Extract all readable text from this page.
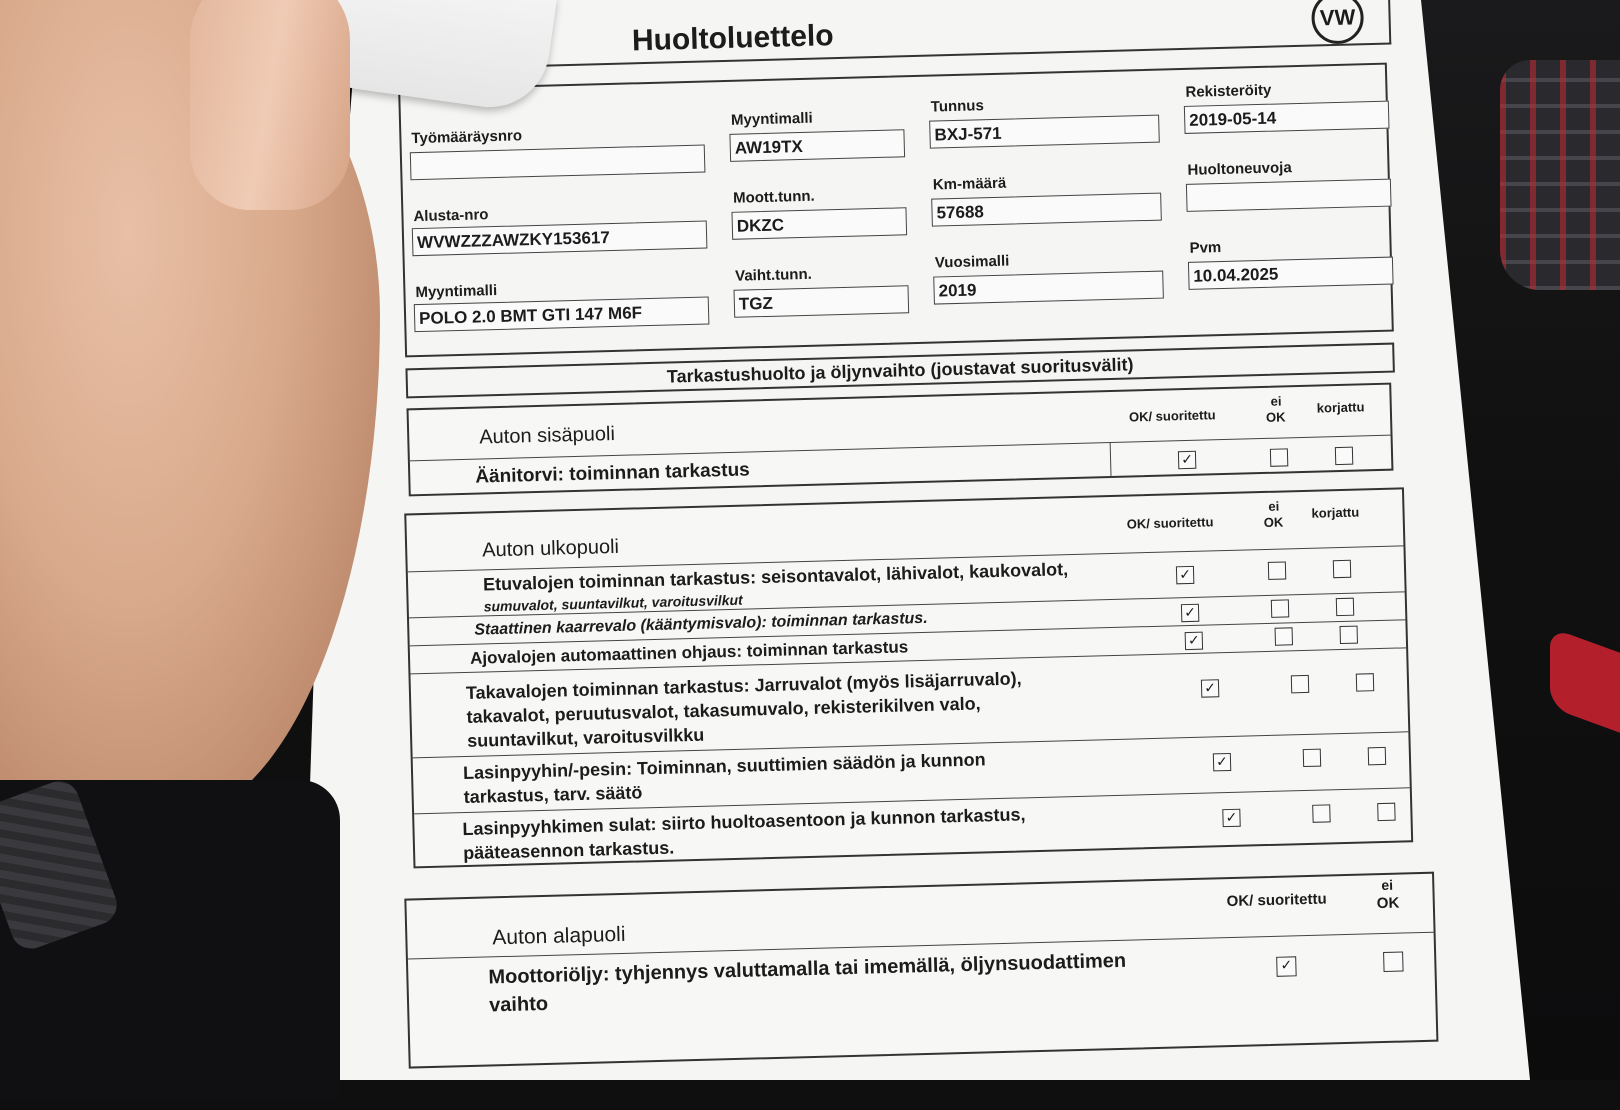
Huoltoluettelo
VW
Työmääräysnro
Alusta-nro
WVWZZZAWZKY153617
Myyntimalli
POLO 2.0 BMT GTI 147 M6F
Myyntimalli
AW19TX
Moott.tunn.
DKZC
Vaiht.tunn.
TGZ
Tunnus
BXJ-571
Km-määrä
57688
Vuosimalli
2019
Rekisteröity
2019-05-14
Huoltoneuvoja
Pvm
10.04.2025
Tarkastushuolto ja öljynvaihto (joustavat suoritusvälit)
Auton sisäpuoli
OK/ suoritettu
ei
OK
korjattu
Äänitorvi: toiminnan tarkastus
✓
Auton ulkopuoli
OK/ suoritettu
ei
OK
korjattu
Etuvalojen toiminnan tarkastus: seisontavalot, lähivalot, kaukovalot,
sumuvalot, suuntavilkut, varoitusvilkut
✓
Staattinen kaarrevalo (kääntymisvalo): toiminnan tarkastus.	✓
Ajovalojen automaattinen ohjaus: toiminnan tarkastus	✓
Takavalojen toiminnan tarkastus: Jarruvalot (myös lisäjarruvalo),
takavalot, peruutusvalot, takasumuvalo, rekisterikilven valo,
suuntavilkut, varoitusvilkku
✓
Lasinpyyhin/-pesin: Toiminnan, suuttimien säädön ja kunnon
tarkastus, tarv. säätö
✓
Lasinpyyhkimen sulat: siirto huoltoasentoon ja kunnon tarkastus,
pääteasennon tarkastus.
✓
Auton alapuoli
OK/ suoritettu
ei
OK
Moottoriöljy: tyhjennys valuttamalla tai imemällä, öljynsuodattimen
vaihto
✓
